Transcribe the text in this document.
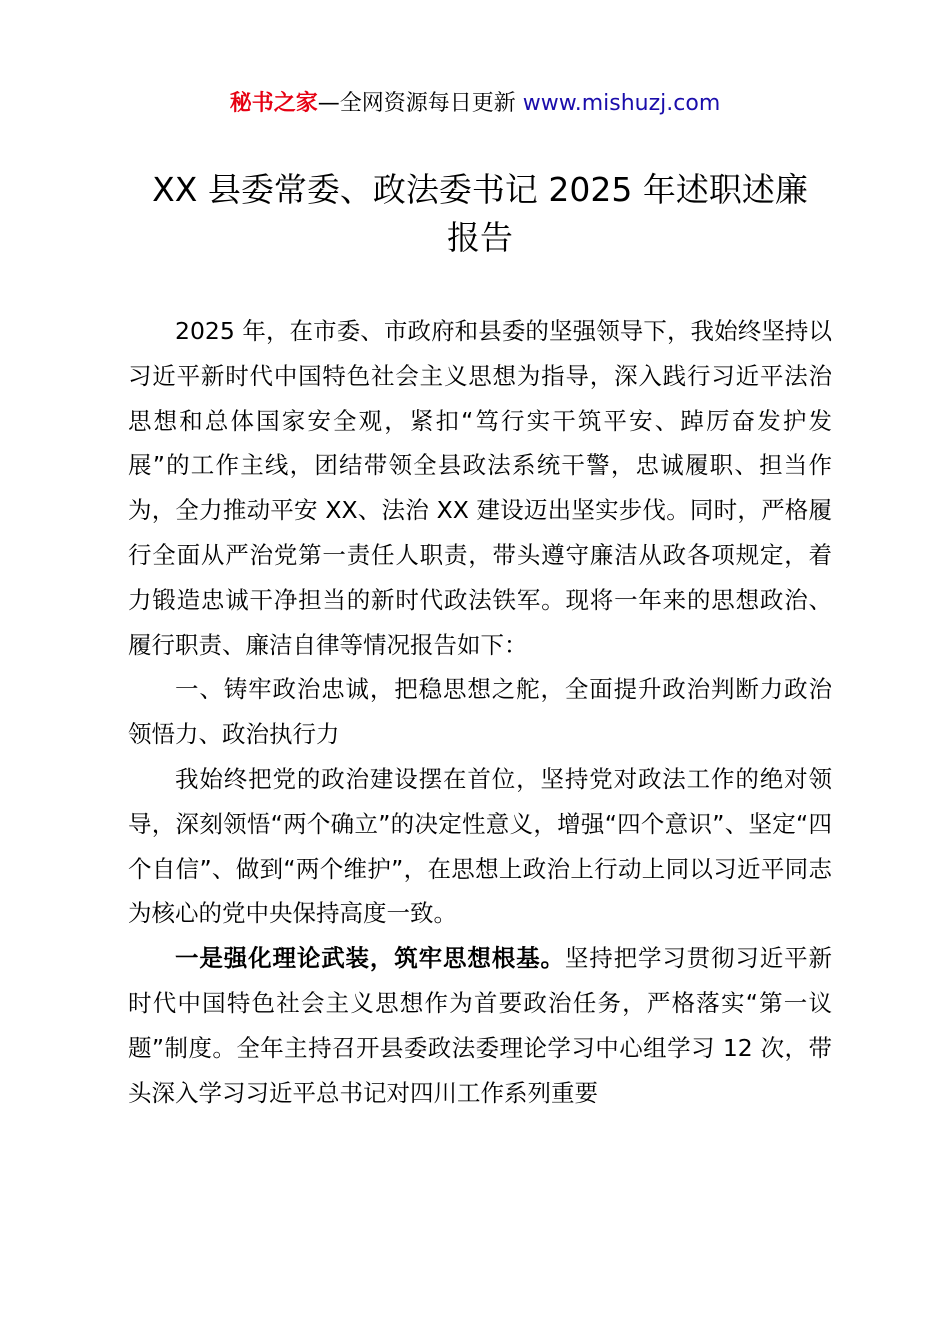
秘书之家—全网资源每日更新 www.mishuzj.com
XX 县委常委、政法委书记 2025 年述职述廉
报告

2025 年，在市委、市政府和县委的坚强领导下，我始终坚持以习近平新时代中国特色社会主义思想为指导，深入践行习近平法治思想和总体国家安全观，紧扣“笃行实干筑平安、踔厉奋发护发展”的工作主线，团结带领全县政法系统干警，忠诚履职、担当作为，全力推动平安 XX、法治 XX 建设迈出坚实步伐。同时，严格履行全面从严治党第一责任人职责，带头遵守廉洁从政各项规定，着力锻造忠诚干净担当的新时代政法铁军。现将一年来的思想政治、履行职责、廉洁自律等情况报告如下：

一、铸牢政治忠诚，把稳思想之舵，全面提升政治判断力政治领悟力、政治执行力

我始终把党的政治建设摆在首位，坚持党对政法工作的绝对领导，深刻领悟“两个确立”的决定性意义，增强“四个意识”、坚定“四个自信”、做到“两个维护”，在思想上政治上行动上同以习近平同志为核心的党中央保持高度一致。

一是强化理论武装，筑牢思想根基。坚持把学习贯彻习近平新时代中国特色社会主义思想作为首要政治任务，严格落实“第一议题”制度。全年主持召开县委政法委理论学习中心组学习 12 次，带头深入学习习近平总书记对四川工作系列重要
